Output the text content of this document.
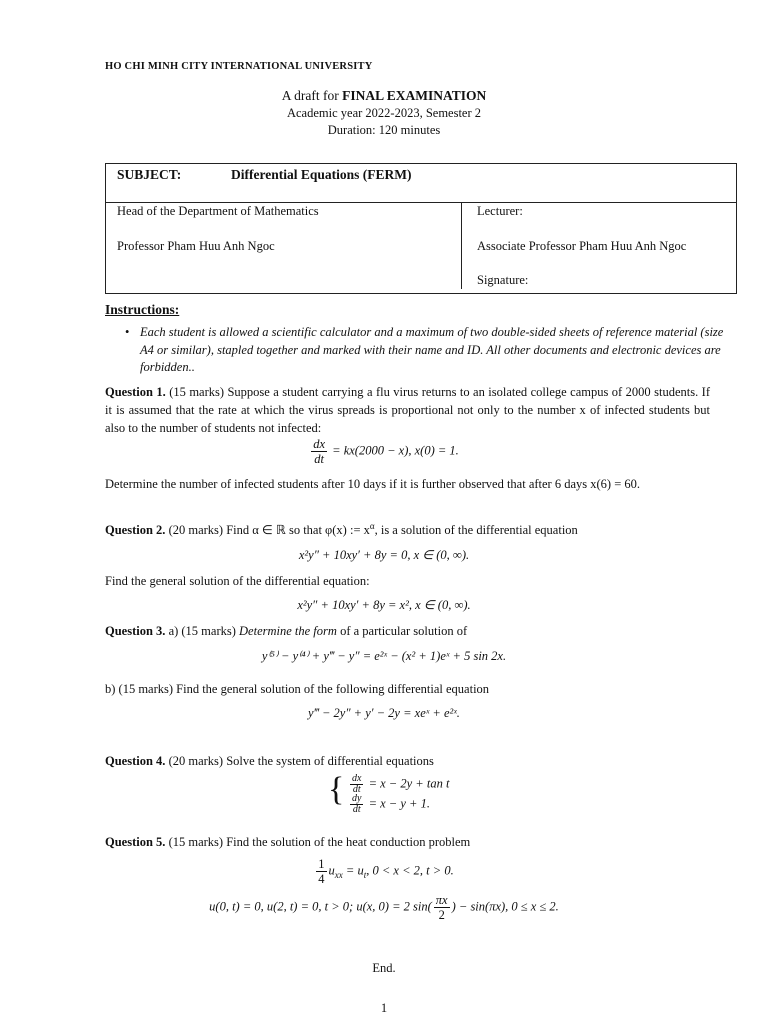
HO CHI MINH CITY INTERNATIONAL UNIVERSITY
A draft for FINAL EXAMINATION
Academic year 2022-2023, Semester 2
Duration: 120 minutes
SUBJECT:	Differential Equations (FERM)
Head of the Department of Mathematics
Professor Pham Huu Anh Ngoc
Lecturer:
Associate Professor Pham Huu Anh Ngoc
Signature:
Instructions:
• Each student is allowed a scientific calculator and a maximum of two double-sided sheets of reference material (size A4 or similar), stapled together and marked with their name and ID. All other documents and electronic devices are forbidden..
Question 1. (15 marks) Suppose a student carrying a flu virus returns to an isolated college campus of 2000 students. If it is assumed that the rate at which the virus spreads is proportional not only to the number x of infected students but also to the number of students not infected:
$\frac{dx}{dt} = kx(2000 - x)$, x(0) = 1.
Determine the number of infected students after 10 days if it is further observed that after 6 days x(6) = 60.
Question 2. (20 marks) Find α ∈ ℝ so that φ(x) := $x^\alpha$, is a solution of the differential equation
x²y″ + 10xy′ + 8y = 0, x ∈ (0, ∞).
Find the general solution of the differential equation:
x²y″ + 10xy′ + 8y = x², x ∈ (0, ∞).
Question 3. a) (15 marks) Determine the form of a particular solution of
y⁽⁵⁾ − y⁽⁴⁾ + y‴ − y″ = e²ˣ − (x² + 1)eˣ + 5 sin 2x.
b) (15 marks) Find the general solution of the following differential equation
y‴ − 2y″ + y′ − 2y = xeˣ + e²ˣ.
Question 4. (20 marks) Solve the system of differential equations
{ $\frac{dx}{dt} = x - 2y + \tan t$
$\frac{dy}{dt} = x - y + 1$.
Question 5. (15 marks) Find the solution of the heat conduction problem
$\frac{1}{4} u_{xx} = u_t$, 0 < x < 2, t > 0.
u(0, t) = 0, u(2, t) = 0, t > 0; u(x, 0) = 2 $\sin( \frac{\pi x}{2}$ ) − sin(πx), 0 ≤ x ≤ 2.
End.
1
